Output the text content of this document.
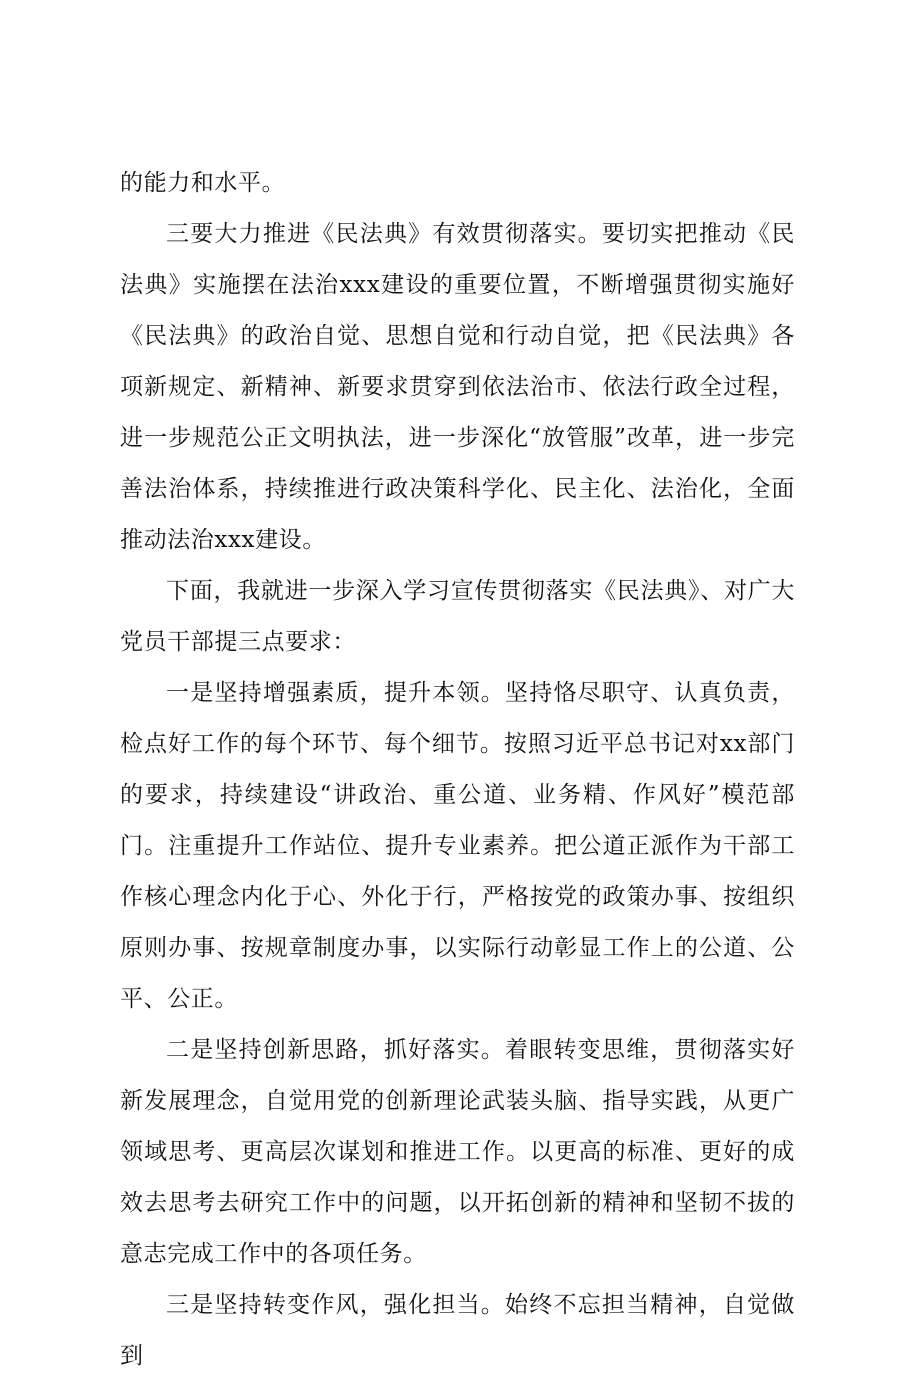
的能力和水平。

三要大力推进《民法典》有效贯彻落实。要切实把推动《民法典》实施摆在法治xxx建设的重要位置，不断增强贯彻实施好《民法典》的政治自觉、思想自觉和行动自觉，把《民法典》各项新规定、新精神、新要求贯穿到依法治市、依法行政全过程，进一步规范公正文明执法，进一步深化“放管服”改革，进一步完善法治体系，持续推进行政决策科学化、民主化、法治化，全面推动法治xxx建设。

下面，我就进一步深入学习宣传贯彻落实《民法典》、对广大党员干部提三点要求：

一是坚持增强素质，提升本领。坚持恪尽职守、认真负责，检点好工作的每个环节、每个细节。按照习近平总书记对xx部门的要求，持续建设“讲政治、重公道、业务精、作风好”模范部门。注重提升工作站位、提升专业素养。把公道正派作为干部工作核心理念内化于心、外化于行，严格按党的政策办事、按组织原则办事、按规章制度办事，以实际行动彰显工作上的公道、公平、公正。

二是坚持创新思路，抓好落实。着眼转变思维，贯彻落实好新发展理念，自觉用党的创新理论武装头脑、指导实践，从更广领域思考、更高层次谋划和推进工作。以更高的标准、更好的成效去思考去研究工作中的问题，以开拓创新的精神和坚韧不拔的意志完成工作中的各项任务。

三是坚持转变作风，强化担当。始终不忘担当精神，自觉做到
